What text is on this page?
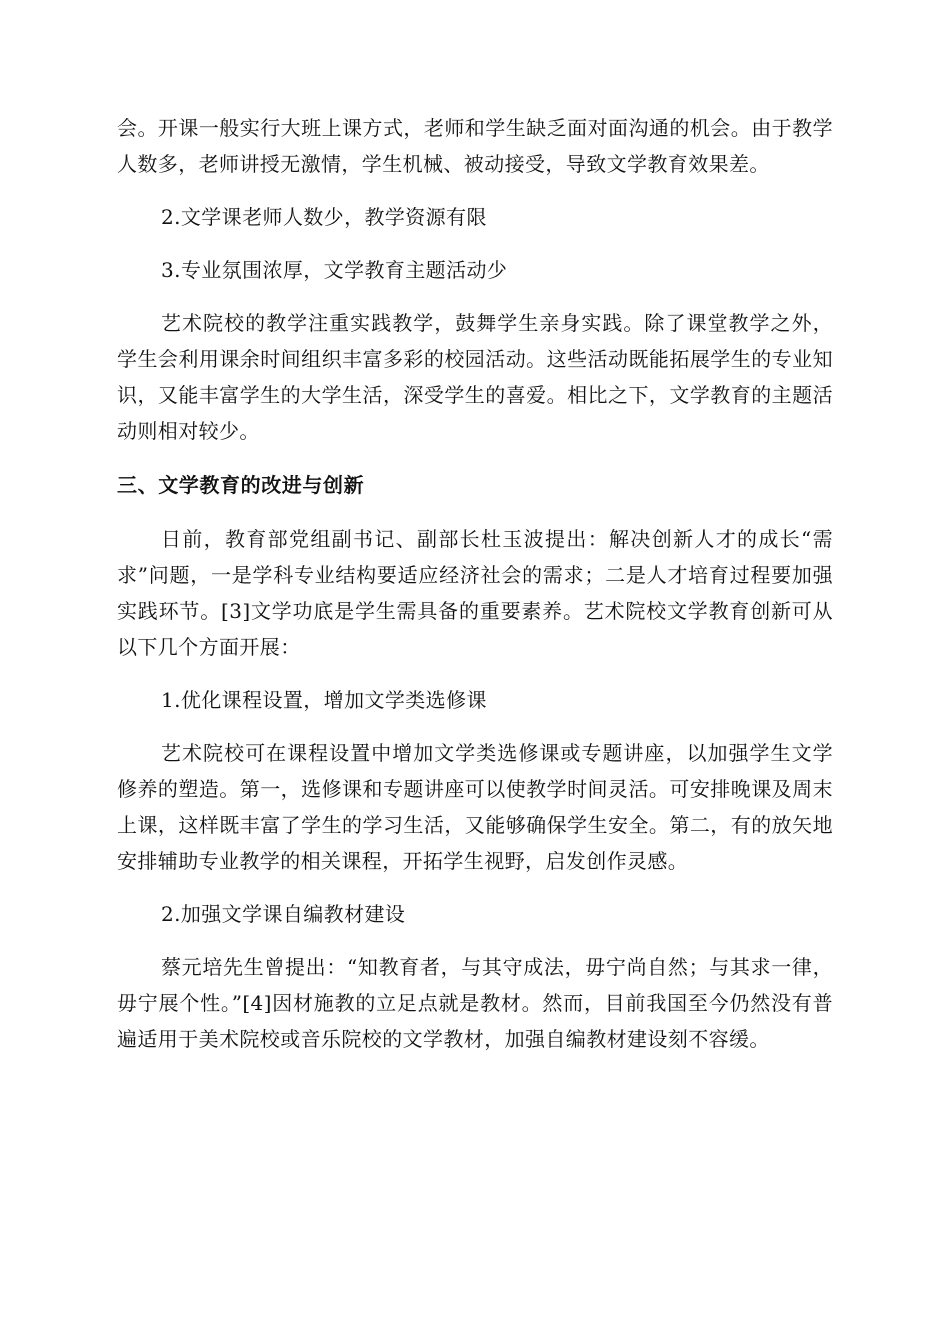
会。开课一般实行大班上课方式，老师和学生缺乏面对面沟通的机会。由于教学人数多，老师讲授无激情，学生机械、被动接受，导致文学教育效果差。

2.文学课老师人数少，教学资源有限

3.专业氛围浓厚，文学教育主题活动少

艺术院校的教学注重实践教学，鼓舞学生亲身实践。除了课堂教学之外，学生会利用课余时间组织丰富多彩的校园活动。这些活动既能拓展学生的专业知识，又能丰富学生的大学生活，深受学生的喜爱。相比之下，文学教育的主题活动则相对较少。

三、文学教育的改进与创新

日前，教育部党组副书记、副部长杜玉波提出：解决创新人才的成长“需求”问题，一是学科专业结构要适应经济社会的需求；二是人才培育过程要加强实践环节。[3]文学功底是学生需具备的重要素养。艺术院校文学教育创新可从以下几个方面开展：

1.优化课程设置，增加文学类选修课

艺术院校可在课程设置中增加文学类选修课或专题讲座，以加强学生文学修养的塑造。第一，选修课和专题讲座可以使教学时间灵活。可安排晚课及周末上课，这样既丰富了学生的学习生活，又能够确保学生安全。第二，有的放矢地安排辅助专业教学的相关课程，开拓学生视野，启发创作灵感。

2.加强文学课自编教材建设

蔡元培先生曾提出：“知教育者，与其守成法，毋宁尚自然；与其求一律，毋宁展个性。”[4]因材施教的立足点就是教材。然而，目前我国至今仍然没有普遍适用于美术院校或音乐院校的文学教材，加强自编教材建设刻不容缓。
